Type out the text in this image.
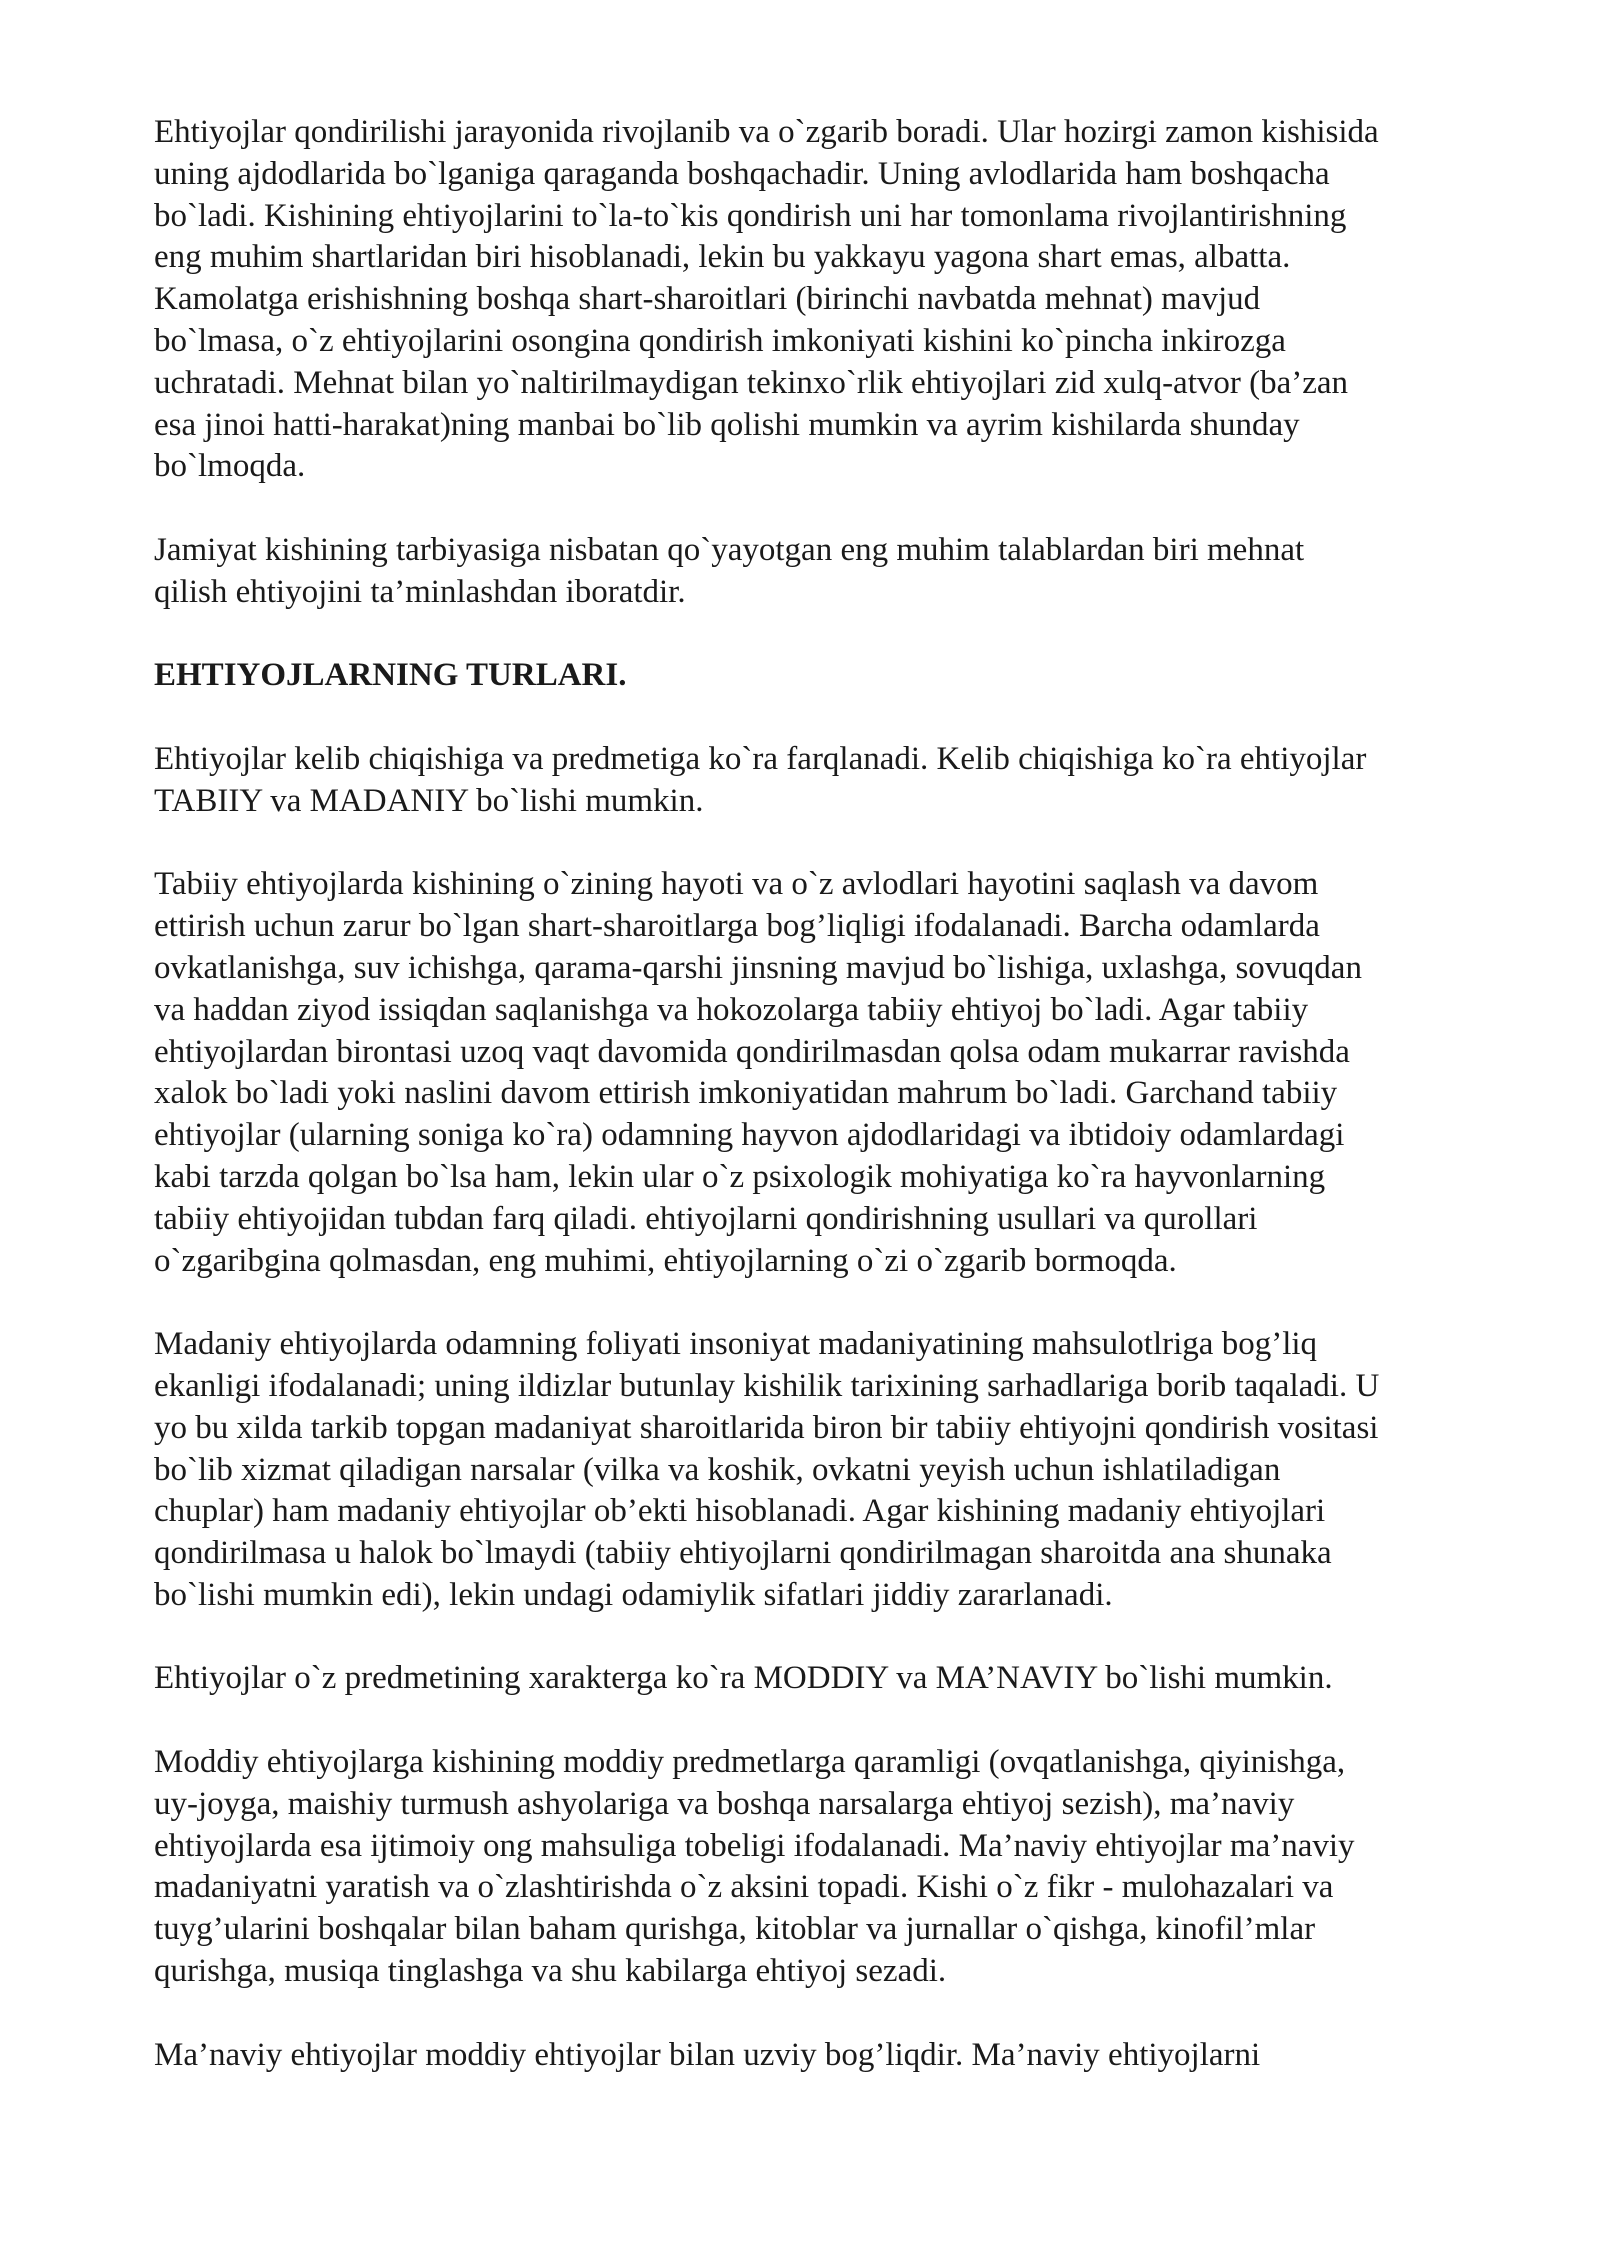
Ehtiyojlar qondirilishi jarayonida rivojlanib va o`zgarib boradi. Ular hozirgi zamon kishisida
uning ajdodlarida bo`lganiga qaraganda boshqachadir. Uning avlodlarida ham boshqacha
bo`ladi. Kishining ehtiyojlarini to`la-to`kis qondirish uni har tomonlama rivojlantirishning
eng muhim shartlaridan biri hisoblanadi, lekin bu yakkayu yagona shart emas, albatta.
Kamolatga erishishning boshqa shart-sharoitlari (birinchi navbatda mehnat) mavjud
bo`lmasa, o`z ehtiyojlarini osongina qondirish imkoniyati kishini ko`pincha inkirozga
uchratadi. Mehnat bilan yo`naltirilmaydigan tekinxo`rlik ehtiyojlari zid xulq-atvor (ba’zan
esa jinoi hatti-harakat)ning manbai bo`lib qolishi mumkin va ayrim kishilarda shunday
bo`lmoqda.

Jamiyat kishining tarbiyasiga nisbatan qo`yayotgan eng muhim talablardan biri mehnat
qilish ehtiyojini ta’minlashdan iboratdir.

EHTIYOJLARNING TURLARI.

Ehtiyojlar kelib chiqishiga va predmetiga ko`ra farqlanadi. Kelib chiqishiga ko`ra ehtiyojlar
TABIIY va MADANIY bo`lishi mumkin.

Tabiiy ehtiyojlarda kishining o`zining hayoti va o`z avlodlari hayotini saqlash va davom
ettirish uchun zarur bo`lgan shart-sharoitlarga bog’liqligi ifodalanadi. Barcha odamlarda
ovkatlanishga, suv ichishga, qarama-qarshi jinsning mavjud bo`lishiga, uxlashga, sovuqdan
va haddan ziyod issiqdan saqlanishga va hokozolarga tabiiy ehtiyoj bo`ladi. Agar tabiiy
ehtiyojlardan birontasi uzoq vaqt davomida qondirilmasdan qolsa odam mukarrar ravishda
xalok bo`ladi yoki naslini davom ettirish imkoniyatidan mahrum bo`ladi. Garchand tabiiy
ehtiyojlar (ularning soniga ko`ra) odamning hayvon ajdodlaridagi va ibtidoiy odamlardagi
kabi tarzda qolgan bo`lsa ham, lekin ular o`z psixologik mohiyatiga ko`ra hayvonlarning
tabiiy ehtiyojidan tubdan farq qiladi. ehtiyojlarni qondirishning usullari va qurollari
o`zgaribgina qolmasdan, eng muhimi, ehtiyojlarning o`zi o`zgarib bormoqda.

Madaniy ehtiyojlarda odamning foliyati insoniyat madaniyatining mahsulotlriga bog’liq
ekanligi ifodalanadi; uning ildizlar butunlay kishilik tarixining sarhadlariga borib taqaladi. U
yo bu xilda tarkib topgan madaniyat sharoitlarida biron bir tabiiy ehtiyojni qondirish vositasi
bo`lib xizmat qiladigan narsalar (vilka va koshik, ovkatni yeyish uchun ishlatiladigan
chuplar) ham madaniy ehtiyojlar ob’ekti hisoblanadi. Agar kishining madaniy ehtiyojlari
qondirilmasa u halok bo`lmaydi (tabiiy ehtiyojlarni qondirilmagan sharoitda ana shunaka
bo`lishi mumkin edi), lekin undagi odamiylik sifatlari jiddiy zararlanadi.

Ehtiyojlar o`z predmetining xarakterga ko`ra MODDIY va MA’NAVIY bo`lishi mumkin.

Moddiy ehtiyojlarga kishining moddiy predmetlarga qaramligi (ovqatlanishga, qiyinishga,
uy-joyga, maishiy turmush ashyolariga va boshqa narsalarga ehtiyoj sezish), ma’naviy
ehtiyojlarda esa ijtimoiy ong mahsuliga tobeligi ifodalanadi. Ma’naviy ehtiyojlar ma’naviy
madaniyatni yaratish va o`zlashtirishda o`z aksini topadi. Kishi o`z fikr - mulohazalari va
tuyg’ularini boshqalar bilan baham qurishga, kitoblar va jurnallar o`qishga, kinofil’mlar
qurishga, musiqa tinglashga va shu kabilarga ehtiyoj sezadi.

Ma’naviy ehtiyojlar moddiy ehtiyojlar bilan uzviy bog’liqdir. Ma’naviy ehtiyojlarni
